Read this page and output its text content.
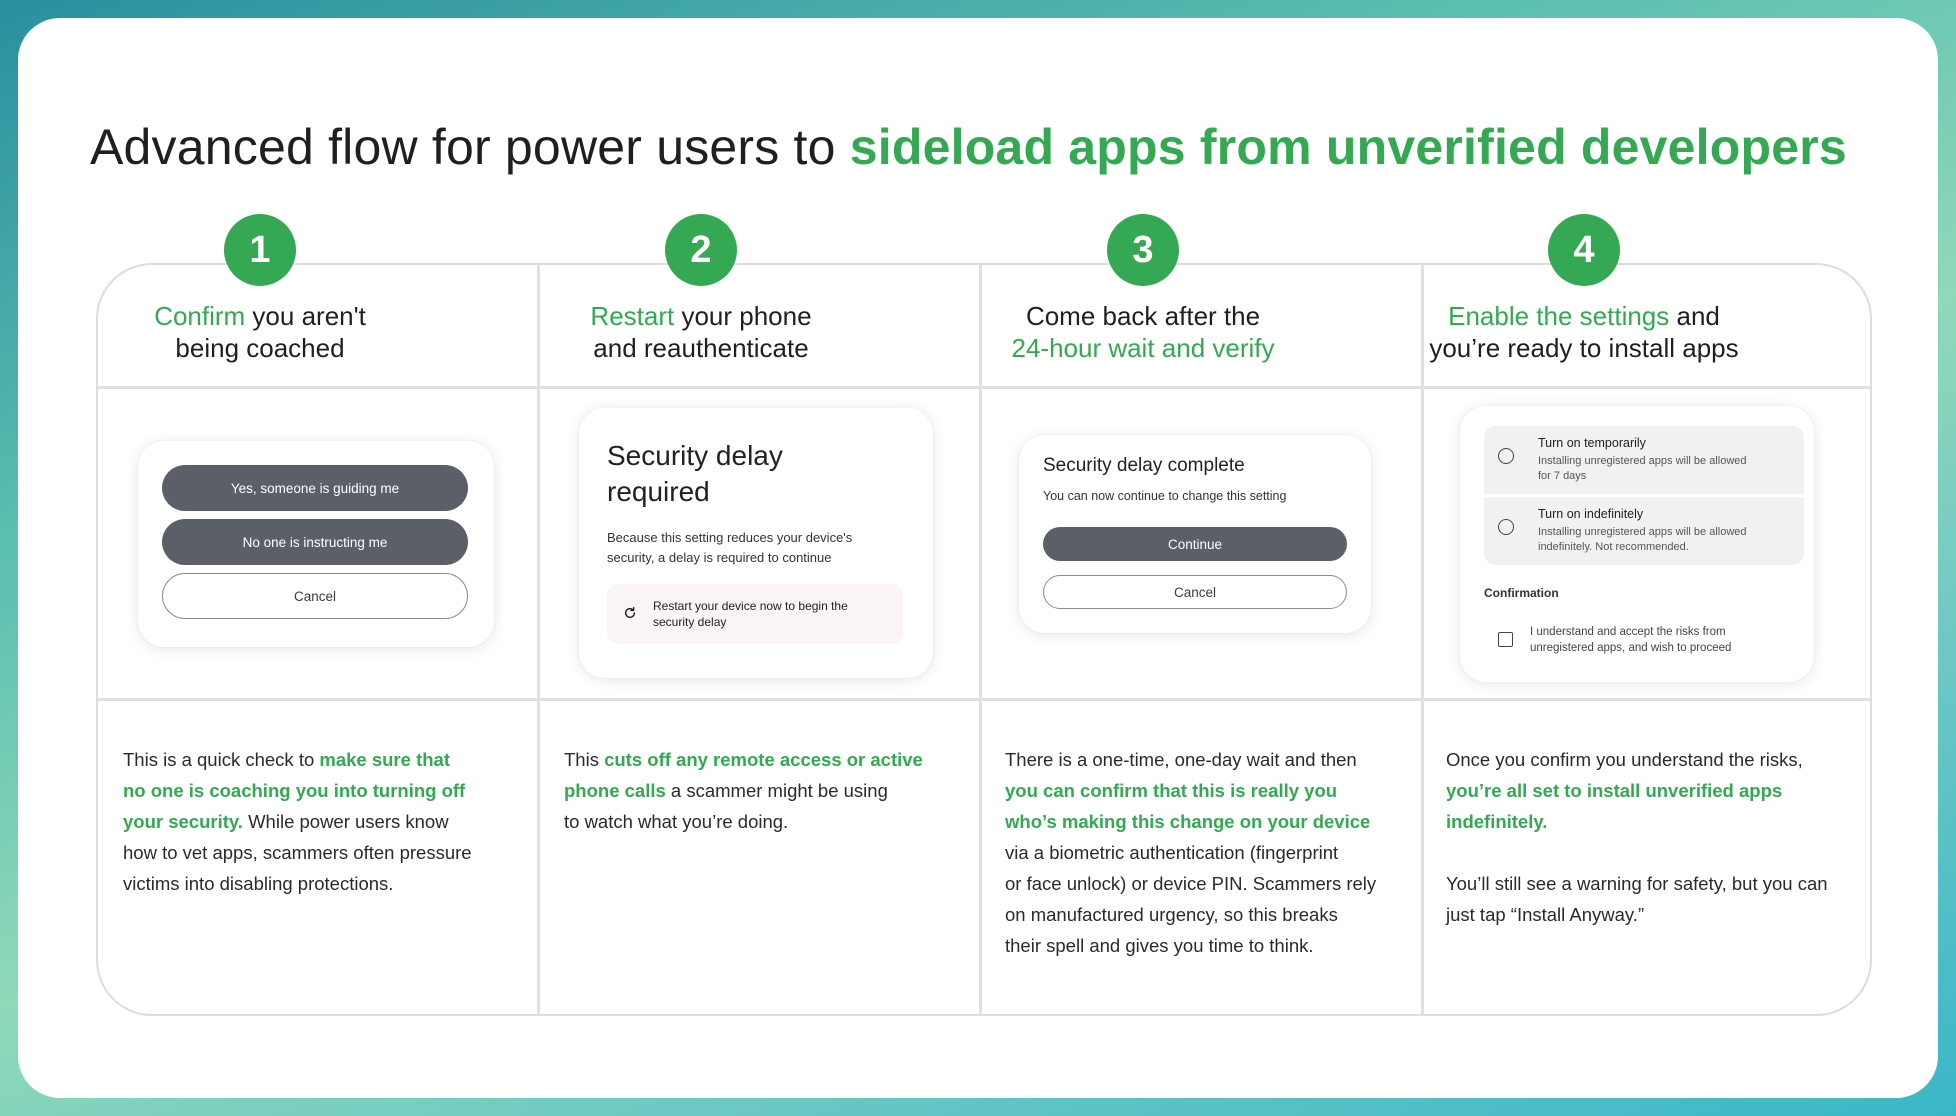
Advanced flow for power users to sideload apps from unverified developers
1
Confirm you aren't
being coached
Yes, someone is guiding me
No one is instructing me
Cancel
This is a quick check to make sure that
no one is coaching you into turning off
your security. While power users know
how to vet apps, scammers often pressure
victims into disabling protections.
2
Restart your phone
and reauthenticate
Security delay
required
Because this setting reduces your device's
security, a delay is required to continue
Restart your device now to begin the
security delay
This cuts off any remote access or active
phone calls a scammer might be using
to watch what you’re doing.
3
Come back after the
24-hour wait and verify
Security delay complete
You can now continue to change this setting
Continue
Cancel
There is a one-time, one-day wait and then
you can confirm that this is really you
who’s making this change on your device
via a biometric authentication (fingerprint
or face unlock) or device PIN. Scammers rely
on manufactured urgency, so this breaks
their spell and gives you time to think.
4
Enable the settings and
you’re ready to install apps
Turn on temporarily
Installing unregistered apps will be allowed
for 7 days
Turn on indefinitely
Installing unregistered apps will be allowed
indefinitely. Not recommended.
Confirmation
I understand and accept the risks from
unregistered apps, and wish to proceed
Once you confirm you understand the risks,
you’re all set to install unverified apps
indefinitely.

You’ll still see a warning for safety, but you can
just tap “Install Anyway.”
